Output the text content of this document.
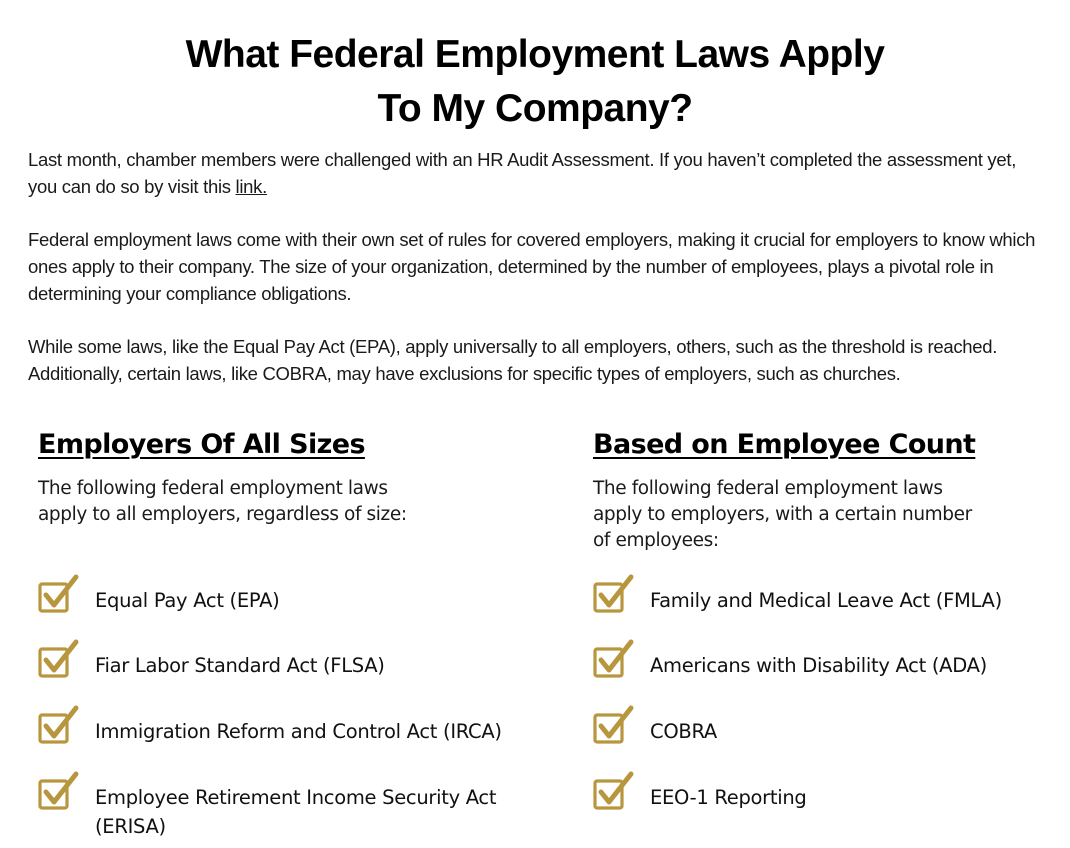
What Federal Employment Laws Apply
To My Company?
Last month, chamber members were challenged with an HR Audit Assessment. If you haven’t completed the assessment yet, you can do so by visit this link.
Federal employment laws come with their own set of rules for covered employers, making it crucial for employers to know which ones apply to their company. The size of your organization, determined by the number of employees, plays a pivotal role in determining your compliance obligations.
While some laws, like the Equal Pay Act (EPA), apply universally to all employers, others, such as the threshold is reached. Additionally, certain laws, like COBRA, may have exclusions for specific types of employers, such as churches.
Employers Of All Sizes
The following federal employment laws apply to all employers, regardless of size:
Equal Pay Act (EPA)
Fiar Labor Standard Act (FLSA)
Immigration Reform and Control Act (IRCA)
Employee Retirement Income Security Act (ERISA)
Based on Employee Count
The following federal employment laws apply to employers, with a certain number of employees:
Family and Medical Leave Act (FMLA)
Americans with Disability Act (ADA)
COBRA
EEO-1 Reporting
